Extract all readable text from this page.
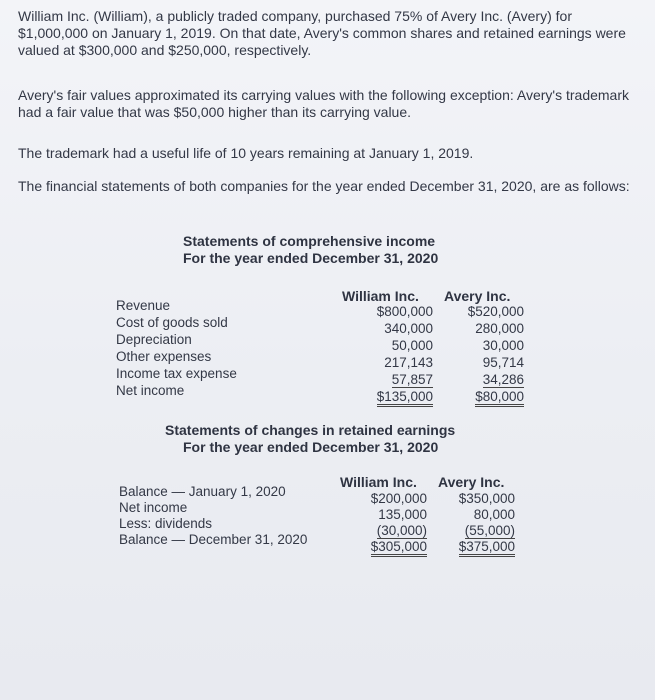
William Inc. (William), a publicly traded company, purchased 75% of Avery Inc. (Avery) for $1,000,000 on January 1, 2019. On that date, Avery's common shares and retained earnings were valued at $300,000 and $250,000, respectively.
Avery's fair values approximated its carrying values with the following exception: Avery's trademark had a fair value that was $50,000 higher than its carrying value.
The trademark had a useful life of 10 years remaining at January 1, 2019.
The financial statements of both companies for the year ended December 31, 2020, are as follows:
Statements of comprehensive income
For the year ended December 31, 2020
William Inc. Avery Inc.
Revenue
Cost of goods sold
Depreciation
Other expenses
Income tax expense
Net income
$800,000
340,000
50,000
217,143
57,857
$135,000
$520,000
280,000
30,000
95,714
34,286
$80,000
Statements of changes in retained earnings
For the year ended December 31, 2020
William Inc. Avery Inc.
Balance — January 1, 2020
Net income
Less: dividends
Balance — December 31, 2020
$200,000
135,000
(30,000)
$305,000
$350,000
80,000
(55,000)
$375,000
